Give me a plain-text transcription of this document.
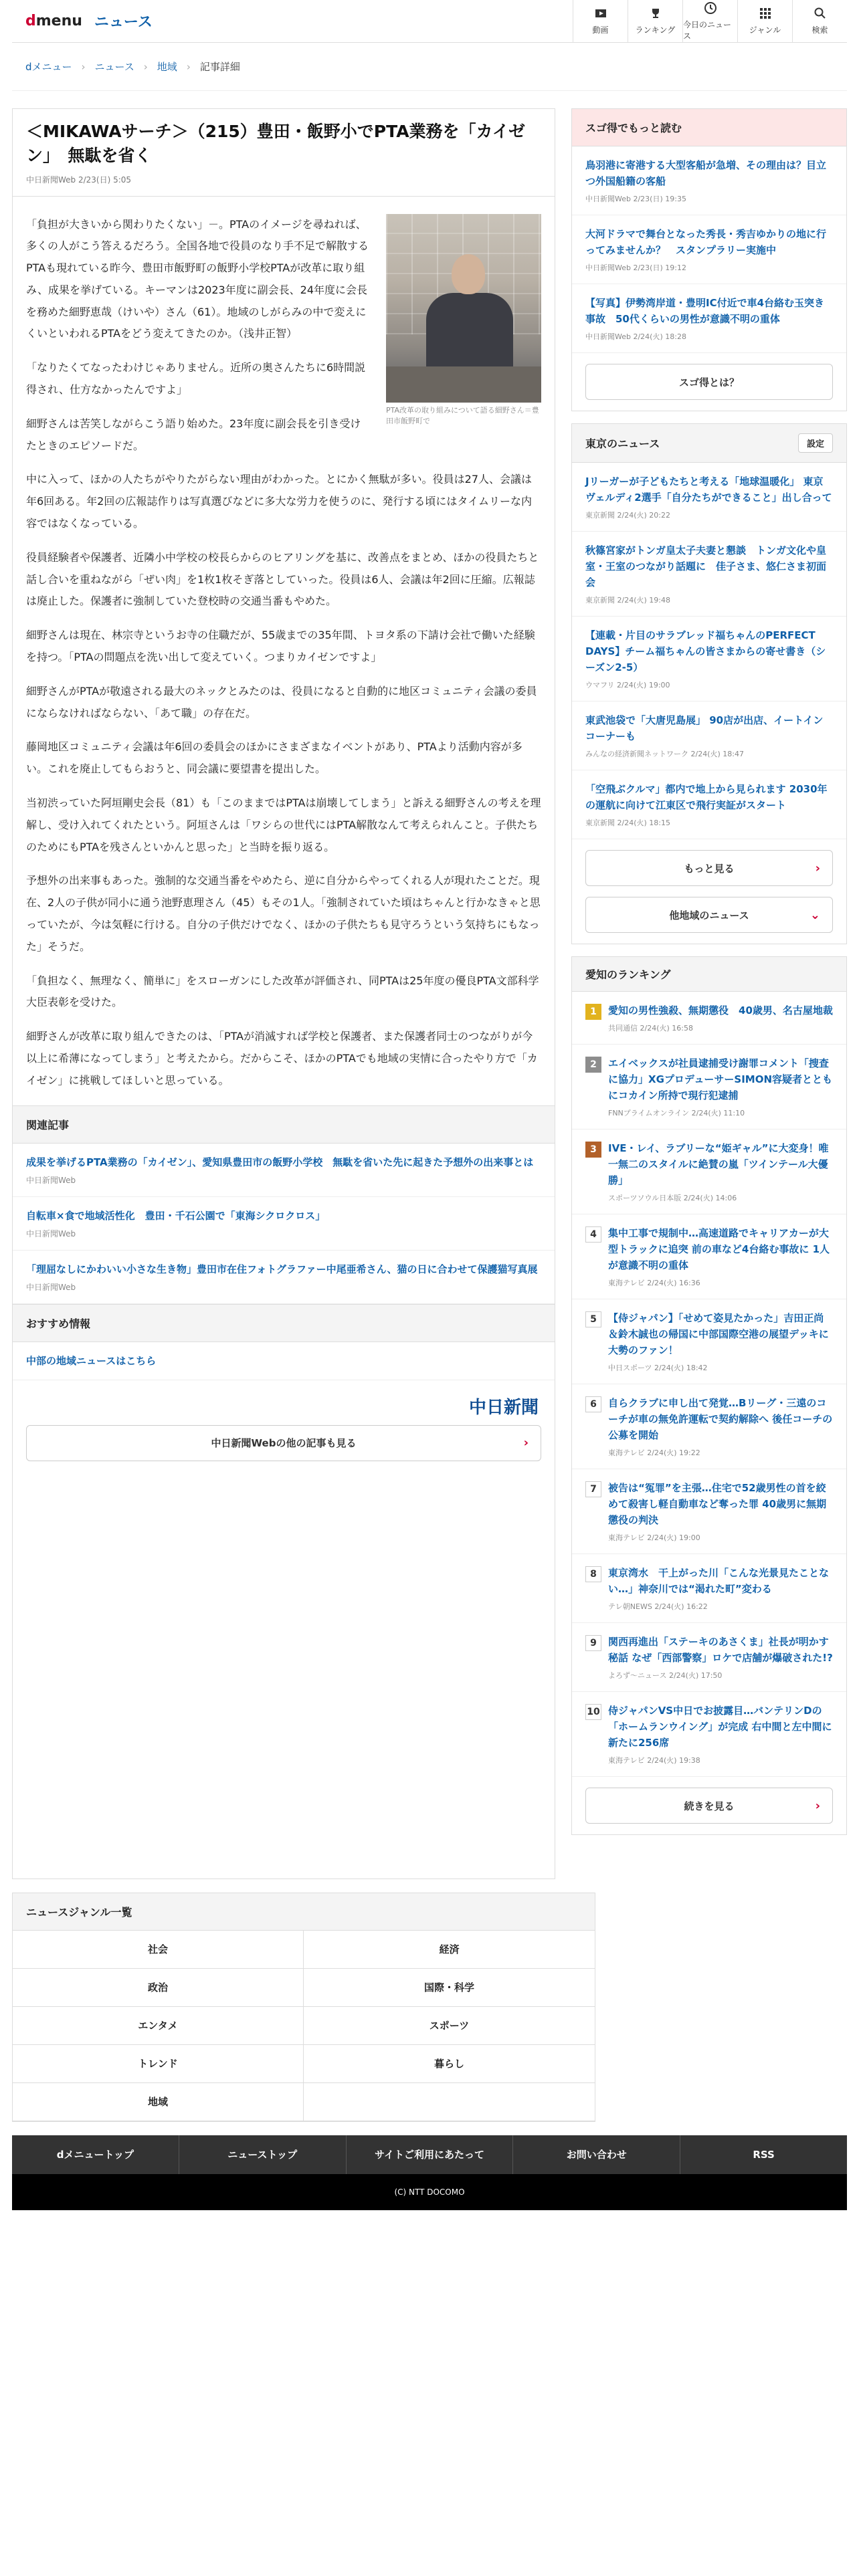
dmenu ニュース	動画	ランキング
今日のニュース
ジャンル	検索
dメニュー › ニュース › 地域 › 記事詳細
＜MIKAWAサーチ＞（215）豊田・飯野小でPTA業務を「カイゼン」　無駄を省く
中日新聞Web 2/23(日) 5:05
PTA改革の取り組みについて語る細野さん＝豊田市飯野町で

「負担が大きいから関わりたくない」－。PTAのイメージを尋ねれば、多くの人がこう答えるだろう。全国各地で役員のなり手不足で解散するPTAも現れている昨今、豊田市飯野町の飯野小学校PTAが改革に取り組み、成果を挙げている。キーマンは2023年度に副会長、24年度に会長を務めた細野恵哉（けいや）さん（61）。地域のしがらみの中で変えにくいといわれるPTAをどう変えてきたのか。（浅井正智）

「なりたくてなったわけじゃありません。近所の奥さんたちに6時間説得され、仕方なかったんですよ」

細野さんは苦笑しながらこう語り始めた。23年度に副会長を引き受けたときのエピソードだ。

中に入って、ほかの人たちがやりたがらない理由がわかった。とにかく無駄が多い。役員は27人、会議は年6回ある。年2回の広報誌作りは写真選びなどに多大な労力を使うのに、発行する頃にはタイムリーな内容ではなくなっている。

役員経験者や保護者、近隣小中学校の校長らからのヒアリングを基に、改善点をまとめ、ほかの役員たちと話し合いを重ねながら「ぜい肉」を1枚1枚そぎ落としていった。役員は6人、会議は年2回に圧縮。広報誌は廃止した。保護者に強制していた登校時の交通当番もやめた。

細野さんは現在、林宗寺というお寺の住職だが、55歳までの35年間、トヨタ系の下請け会社で働いた経験を持つ。「PTAの問題点を洗い出して変えていく。つまりカイゼンですよ」

細野さんがPTAが敬遠される最大のネックとみたのは、役員になると自動的に地区コミュニティ会議の委員にならなければならない、「あて職」の存在だ。

藤岡地区コミュニティ会議は年6回の委員会のほかにさまざまなイベントがあり、PTAより活動内容が多い。これを廃止してもらおうと、同会議に要望書を提出した。

当初渋っていた阿垣剛史会長（81）も「このままではPTAは崩壊してしまう」と訴える細野さんの考えを理解し、受け入れてくれたという。阿垣さんは「ワシらの世代にはPTA解散なんて考えられんこと。子供たちのためにもPTAを残さんといかんと思った」と当時を振り返る。

予想外の出来事もあった。強制的な交通当番をやめたら、逆に自分からやってくれる人が現れたことだ。現在、2人の子供が同小に通う池野恵理さん（45）もその1人。「強制されていた頃はちゃんと行かなきゃと思っていたが、今は気軽に行ける。自分の子供だけでなく、ほかの子供たちも見守ろうという気持ちにもなった」そうだ。

「負担なく、無理なく、簡単に」をスローガンにした改革が評価され、同PTAは25年度の優良PTA文部科学大臣表彰を受けた。

細野さんが改革に取り組んできたのは、「PTAが消滅すれば学校と保護者、また保護者同士のつながりが今以上に希薄になってしまう」と考えたから。だからこそ、ほかのPTAでも地域の実情に合ったやり方で「カイゼン」に挑戦してほしいと思っている。

関連記事
成果を挙げるPTA業務の「カイゼン」、愛知県豊田市の飯野小学校　無駄を省いた先に起きた予想外の出来事とは
中日新聞Web
自転車×食で地域活性化　豊田・千石公園で「東海シクロクロス」
中日新聞Web
「理屈なしにかわいい小さな生き物」豊田市在住フォトグラファー中尾亜希さん、猫の日に合わせて保護猫写真展
中日新聞Web
おすすめ情報
中部の地域ニュースはこちら
中日新聞
中日新聞Webの他の記事も見る	›
スゴ得でもっと読む
鳥羽港に寄港する大型客船が急増、その理由は？目立つ外国船籍の客船
中日新聞Web 2/23(日) 19:35
大河ドラマで舞台となった秀長・秀吉ゆかりの地に行ってみませんか？　スタンプラリー実施中
中日新聞Web 2/23(日) 19:12
【写真】伊勢湾岸道・豊明IC付近で車4台絡む玉突き事故　50代くらいの男性が意識不明の重体
中日新聞Web 2/24(火) 18:28
スゴ得とは？
東京のニュース	設定
Jリーガーが子どもたちと考える「地球温暖化」 東京ヴェルディ2選手「自分たちができること」出し合って
東京新聞 2/24(火) 20:22
秋篠宮家がトンガ皇太子夫妻と懇談　トンガ文化や皇室・王室のつながり話題に　佳子さま、悠仁さま初面会
東京新聞 2/24(火) 19:48
【連載・片目のサラブレッド福ちゃんのPERFECT DAYS】チーム福ちゃんの皆さまからの寄せ書き（シーズン2-5）
ウマフリ 2/24(火) 19:00
東武池袋で「大唐児島展」 90店が出店、イートインコーナーも
みんなの経済新聞ネットワーク 2/24(火) 18:47
「空飛ぶクルマ」都内で地上から見られます 2030年の運航に向けて江東区で飛行実証がスタート
東京新聞 2/24(火) 18:15
もっと見る	›
他地域のニュース	⌄
愛知のランキング
1	愛知の男性強殺、無期懲役　40歳男、名古屋地裁
共同通信 2/24(火) 16:58
2	エイベックスが社員逮捕受け謝罪コメント「捜査に協力」XGプロデューサーSIMON容疑者とともにコカイン所持で現行犯逮捕
FNNプライムオンライン 2/24(火) 11:10
3	IVE・レイ、ラブリーな“姫ギャル”に大変身！唯一無二のスタイルに絶賛の嵐「ツインテール大優勝」
スポーツソウル日本版 2/24(火) 14:06
4	集中工事で規制中…高速道路でキャリアカーが大型トラックに追突 前の車など4台絡む事故に 1人が意識不明の重体
東海テレビ 2/24(火) 16:36
5	【侍ジャパン】「せめて姿見たかった」吉田正尚＆鈴木誠也の帰国に中部国際空港の展望デッキに大勢のファン！
中日スポーツ 2/24(火) 18:42
6	自らクラブに申し出て発覚…Bリーグ・三遠のコーチが車の無免許運転で契約解除へ 後任コーチの公募を開始
東海テレビ 2/24(火) 19:22
7	被告は“冤罪”を主張…住宅で52歳男性の首を絞めて殺害し軽自動車など奪った罪 40歳男に無期懲役の判決
東海テレビ 2/24(火) 19:00
8	東京湾水　干上がった川「こんな光景見たことない…」神奈川では“渇れた町”変わる
テレ朝NEWS 2/24(火) 16:22
9	関西再進出「ステーキのあさくま」社長が明かす秘話 なぜ「西部警察」ロケで店舗が爆破された!?
よろず〜ニュース 2/24(火) 17:50
10 侍ジャパンVS中日でお披露目…バンテリンDの「ホームランウイング」が完成 右中間と左中間に新たに256席
東海テレビ 2/24(火) 19:38
続きを見る	›
ニュースジャンル一覧
社会	経済
政治	国際・科学
エンタメ	スポーツ
トレンド	暮らし
地域
dメニュートップ	ニューストップ	サイトご利用にあたって	お問い合わせ	RSS
(C) NTT DOCOMO
